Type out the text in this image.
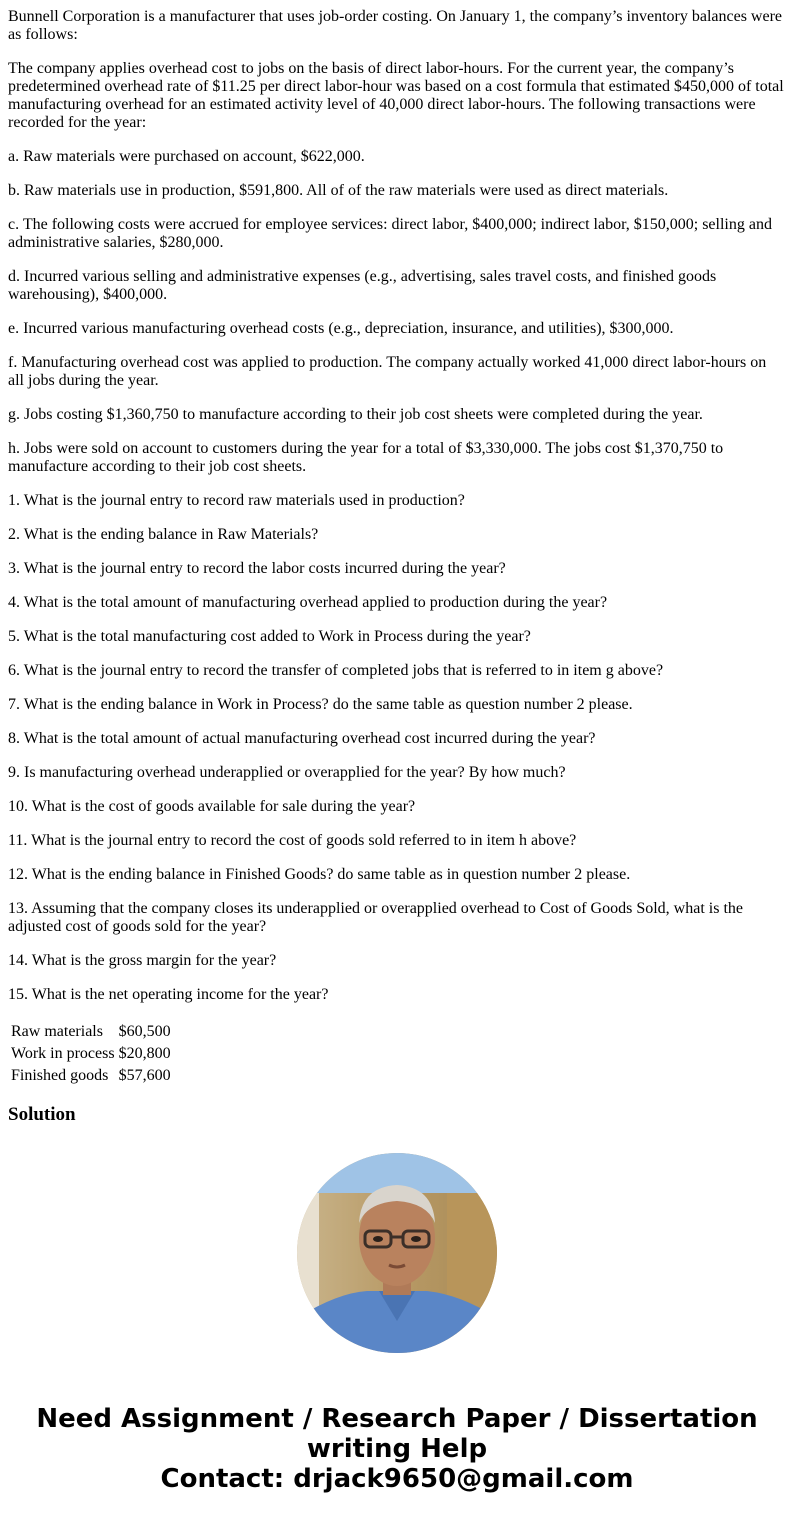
Bunnell Corporation is a manufacturer that uses job-order costing. On January 1, the company’s inventory balances were as follows:

The company applies overhead cost to jobs on the basis of direct labor-hours. For the current year, the company’s predetermined overhead rate of $11.25 per direct labor-hour was based on a cost formula that estimated $450,000 of total manufacturing overhead for an estimated activity level of 40,000 direct labor-hours. The following transactions were recorded for the year:

a. Raw materials were purchased on account, $622,000.

b. Raw materials use in production, $591,800. All of of the raw materials were used as direct materials.

c. The following costs were accrued for employee services: direct labor, $400,000; indirect labor, $150,000; selling and administrative salaries, $280,000.

d. Incurred various selling and administrative expenses (e.g., advertising, sales travel costs, and finished goods warehousing), $400,000.

e. Incurred various manufacturing overhead costs (e.g., depreciation, insurance, and utilities), $300,000.

f. Manufacturing overhead cost was applied to production. The company actually worked 41,000 direct labor-hours on all jobs during the year.

g. Jobs costing $1,360,750 to manufacture according to their job cost sheets were completed during the year.

h. Jobs were sold on account to customers during the year for a total of $3,330,000. The jobs cost $1,370,750 to manufacture according to their job cost sheets.

1. What is the journal entry to record raw materials used in production?

2. What is the ending balance in Raw Materials?

3. What is the journal entry to record the labor costs incurred during the year?

4. What is the total amount of manufacturing overhead applied to production during the year?

5. What is the total manufacturing cost added to Work in Process during the year?

6. What is the journal entry to record the transfer of completed jobs that is referred to in item g above?

7. What is the ending balance in Work in Process? do the same table as question number 2 please.

8. What is the total amount of actual manufacturing overhead cost incurred during the year?

9. Is manufacturing overhead underapplied or overapplied for the year? By how much?

10. What is the cost of goods available for sale during the year?

11. What is the journal entry to record the cost of goods sold referred to in item h above?

12. What is the ending balance in Finished Goods? do same table as in question number 2 please.

13. Assuming that the company closes its underapplied or overapplied overhead to Cost of Goods Sold, what is the adjusted cost of goods sold for the year?

14. What is the gross margin for the year?

15. What is the net operating income for the year?

Raw materials	$60,500
Work in process	$20,800
Finished goods	$57,600
Solution
Need Assignment / Research Paper / Dissertation
writing Help
Contact: drjack9650@gmail.com
